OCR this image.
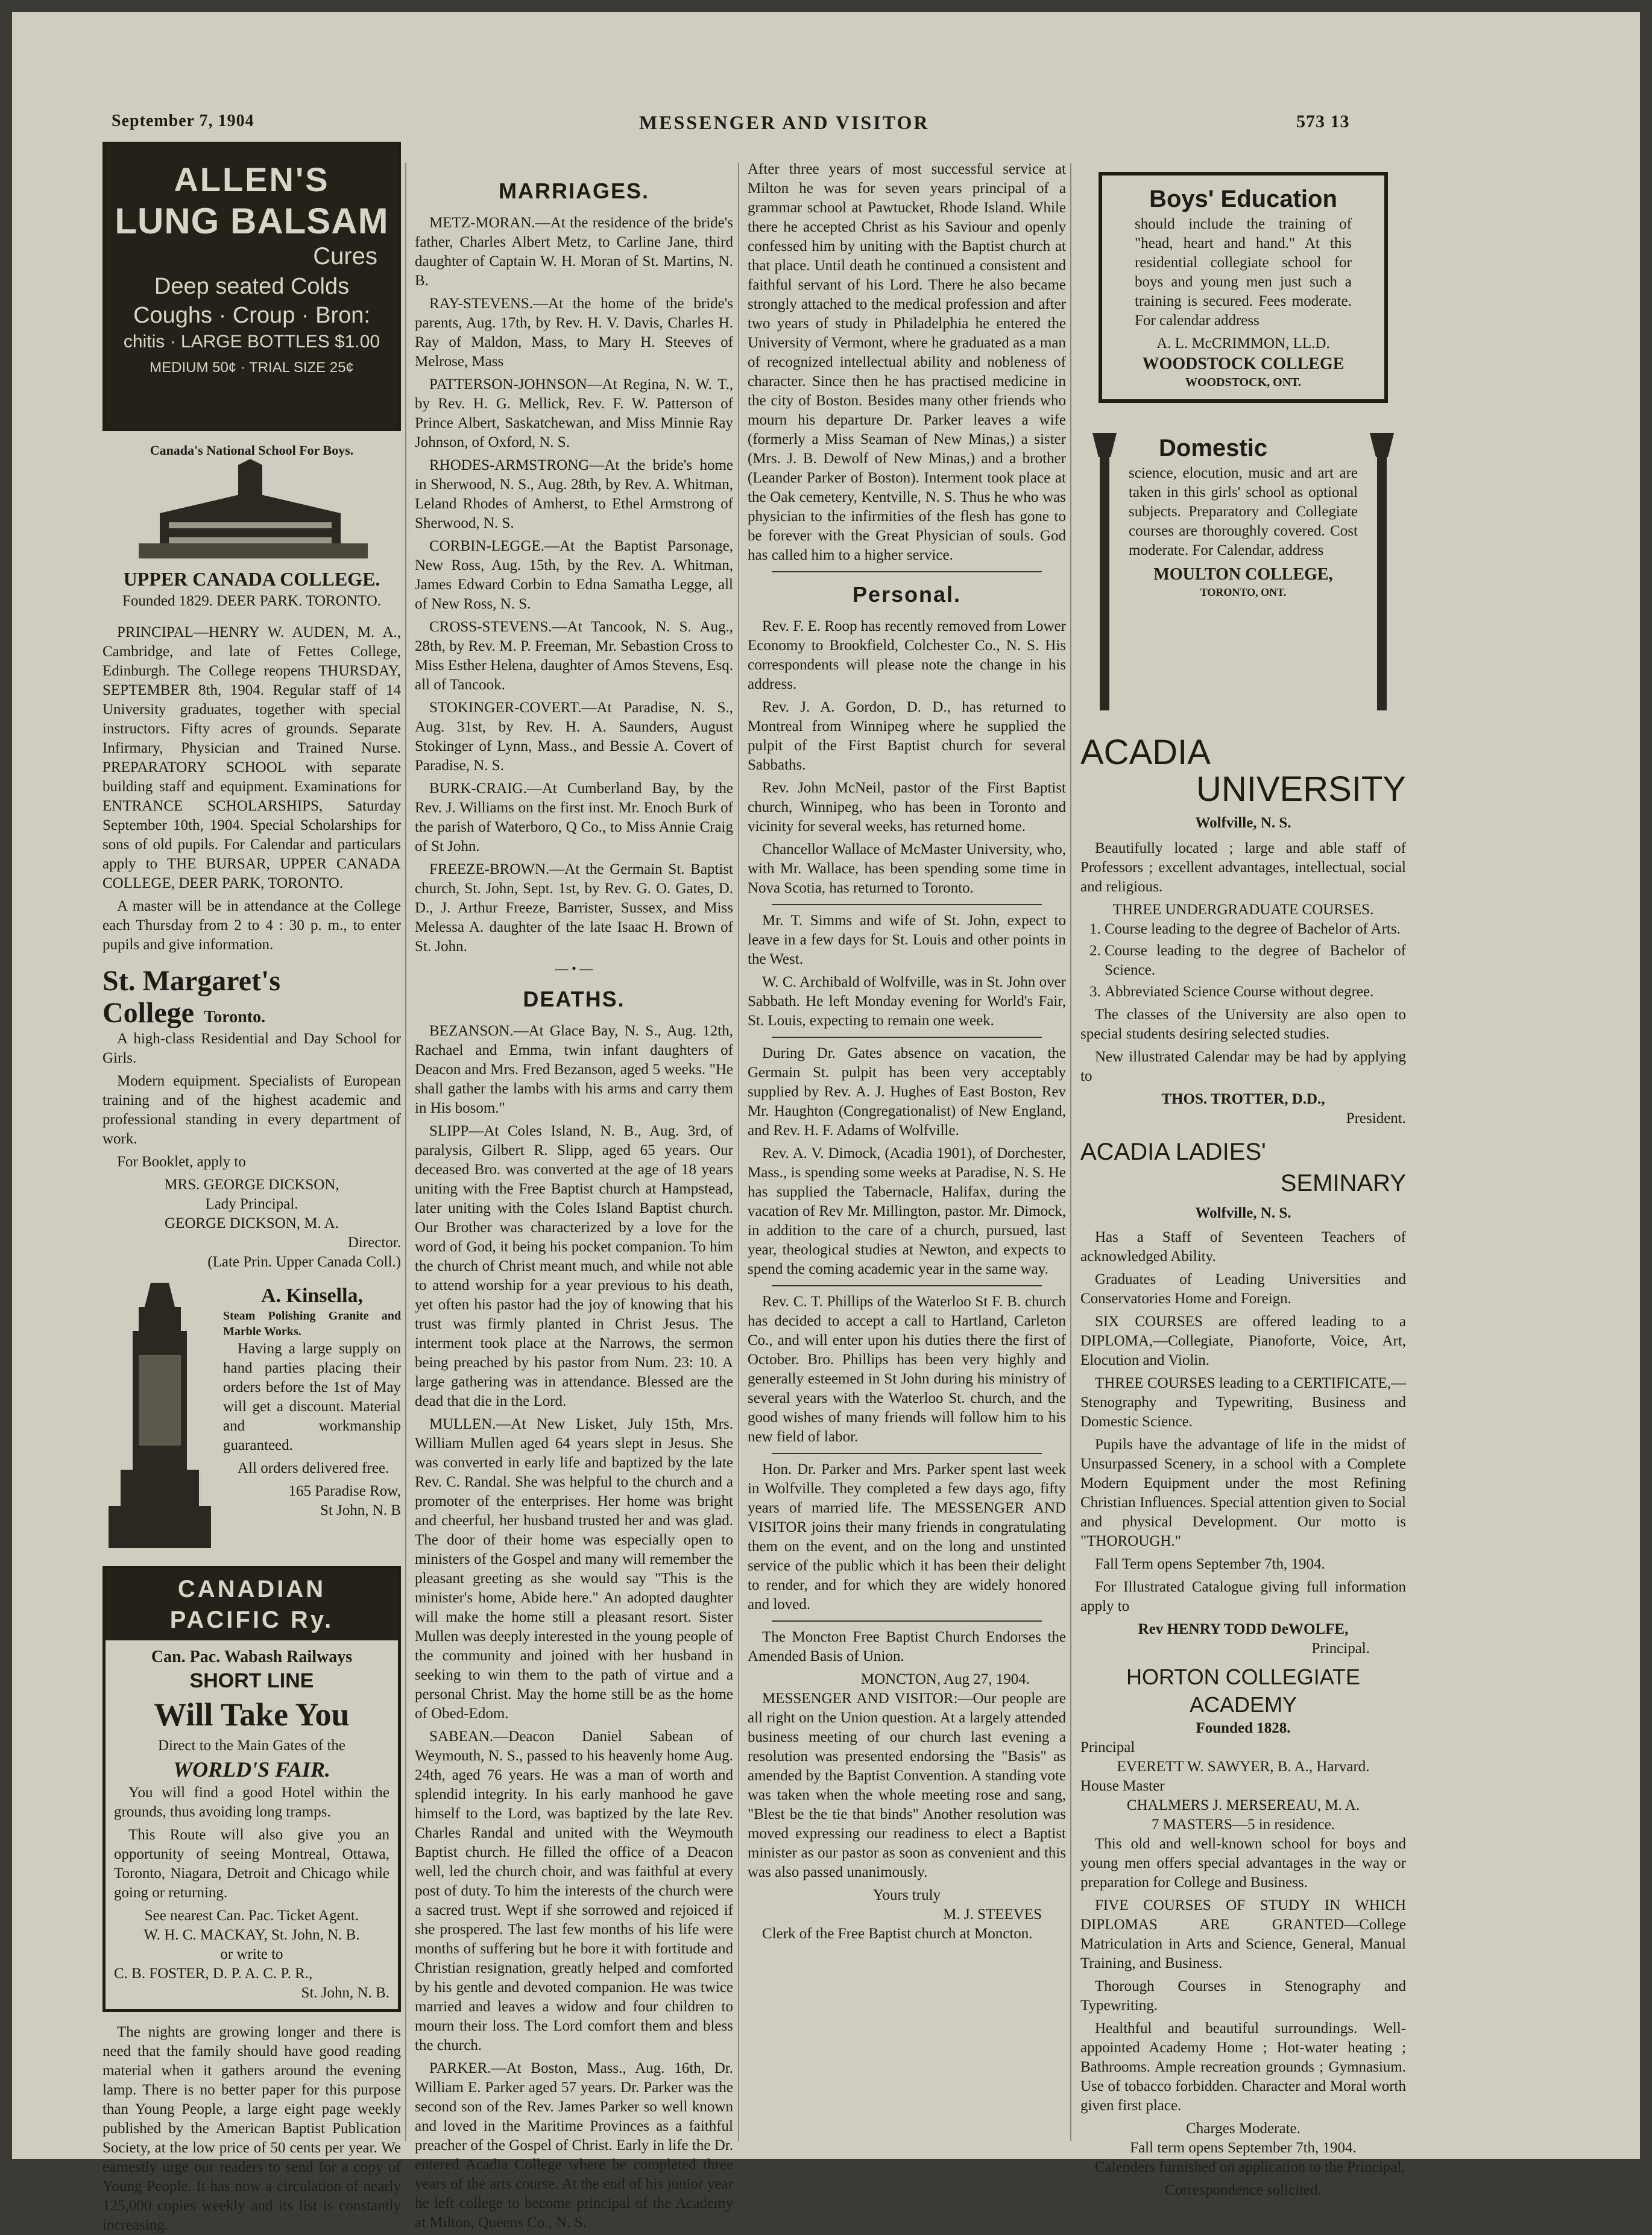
September 7, 1904	MESSENGER AND VISITOR	573 13
ALLEN'S
LUNG BALSAM
Cures
Deep seated Colds
Coughs · Croup · Bron:
chitis · LARGE BOTTLES $1.00
MEDIUM 50¢ · TRIAL SIZE 25¢
Canada's National School For Boys.
UPPER CANADA COLLEGE.
Founded 1829. DEER PARK. TORONTO.

PRINCIPAL—HENRY W. AUDEN, M. A., Cambridge, and late of Fettes College, Edinburgh. The College reopens THURSDAY, SEPTEMBER 8th, 1904. Regular staff of 14 University graduates, together with special instructors. Fifty acres of grounds. Separate Infirmary, Physician and Trained Nurse. PREPARATORY SCHOOL with separate building staff and equipment. Examinations for ENTRANCE SCHOLARSHIPS, Saturday September 10th, 1904. Special Scholarships for sons of old pupils. For Calendar and particulars apply to THE BURSAR, UPPER CANADA COLLEGE, DEER PARK, TORONTO.

A master will be in attendance at the College each Thursday from 2 to 4 : 30 p. m., to enter pupils and give information.

St. Margaret's
College Toronto.

A high-class Residential and Day School for Girls.

Modern equipment. Specialists of European training and of the highest academic and professional standing in every department of work.

For Booklet, apply to

MRS. GEORGE DICKSON,
Lady Principal.
GEORGE DICKSON, M. A.
Director.
(Late Prin. Upper Canada Coll.)
A. Kinsella,
Steam Polishing Granite and Marble Works.

Having a large supply on hand parties placing their orders before the 1st of May will get a discount. Material and workmanship guaranteed.

All orders delivered free.

165 Paradise Row,
St John, N. B
CANADIAN
PACIFIC Ry.
Can. Pac. Wabash Railways
SHORT LINE
Will Take You
Direct to the Main Gates of the
WORLD'S FAIR.

You will find a good Hotel within the grounds, thus avoiding long tramps.

This Route will also give you an opportunity of seeing Montreal, Ottawa, Toronto, Niagara, Detroit and Chicago while going or returning.

See nearest Can. Pac. Ticket Agent.
W. H. C. MACKAY, St. John, N. B.
or write to
C. B. FOSTER, D. P. A. C. P. R.,
St. John, N. B.

The nights are growing longer and there is need that the family should have good reading material when it gathers around the evening lamp. There is no better paper for this purpose than Young People, a large eight page weekly published by the American Baptist Publication Society, at the low price of 50 cents per year. We earnestly urge our readers to send for a copy of Young People. It has now a circulation of nearly 125,000 copies weekly and its list is constantly increasing.

MARRIAGES.

METZ-MORAN.—At the residence of the bride's father, Charles Albert Metz, to Carline Jane, third daughter of Captain W. H. Moran of St. Martins, N. B.

RAY-STEVENS.—At the home of the bride's parents, Aug. 17th, by Rev. H. V. Davis, Charles H. Ray of Maldon, Mass, to Mary H. Steeves of Melrose, Mass

PATTERSON-JOHNSON—At Regina, N. W. T., by Rev. H. G. Mellick, Rev. F. W. Patterson of Prince Albert, Saskatchewan, and Miss Minnie Ray Johnson, of Oxford, N. S.

RHODES-ARMSTRONG—At the bride's home in Sherwood, N. S., Aug. 28th, by Rev. A. Whitman, Leland Rhodes of Amherst, to Ethel Armstrong of Sherwood, N. S.

CORBIN-LEGGE.—At the Baptist Parsonage, New Ross, Aug. 15th, by the Rev. A. Whitman, James Edward Corbin to Edna Samatha Legge, all of New Ross, N. S.

CROSS-STEVENS.—At Tancook, N. S. Aug., 28th, by Rev. M. P. Freeman, Mr. Sebastion Cross to Miss Esther Helena, daughter of Amos Stevens, Esq. all of Tancook.

STOKINGER-COVERT.—At Paradise, N. S., Aug. 31st, by Rev. H. A. Saunders, August Stokinger of Lynn, Mass., and Bessie A. Covert of Paradise, N. S.

BURK-CRAIG.—At Cumberland Bay, by the Rev. J. Williams on the first inst. Mr. Enoch Burk of the parish of Waterboro, Q Co., to Miss Annie Craig of St John.

FREEZE-BROWN.—At the Germain St. Baptist church, St. John, Sept. 1st, by Rev. G. O. Gates, D. D., J. Arthur Freeze, Barrister, Sussex, and Miss Melessa A. daughter of the late Isaac H. Brown of St. John.

— • —
DEATHS.

BEZANSON.—At Glace Bay, N. S., Aug. 12th, Rachael and Emma, twin infant daughters of Deacon and Mrs. Fred Bezanson, aged 5 weeks. "He shall gather the lambs with his arms and carry them in His bosom."

SLIPP—At Coles Island, N. B., Aug. 3rd, of paralysis, Gilbert R. Slipp, aged 65 years. Our deceased Bro. was converted at the age of 18 years uniting with the Free Baptist church at Hampstead, later uniting with the Coles Island Baptist church. Our Brother was characterized by a love for the word of God, it being his pocket companion. To him the church of Christ meant much, and while not able to attend worship for a year previous to his death, yet often his pastor had the joy of knowing that his trust was firmly planted in Christ Jesus. The interment took place at the Narrows, the sermon being preached by his pastor from Num. 23: 10. A large gathering was in attendance. Blessed are the dead that die in the Lord.

MULLEN.—At New Lisket, July 15th, Mrs. William Mullen aged 64 years slept in Jesus. She was converted in early life and baptized by the late Rev. C. Randal. She was helpful to the church and a promoter of the enterprises. Her home was bright and cheerful, her husband trusted her and was glad. The door of their home was especially open to ministers of the Gospel and many will remember the pleasant greeting as she would say "This is the minister's home, Abide here." An adopted daughter will make the home still a pleasant resort. Sister Mullen was deeply interested in the young people of the community and joined with her husband in seeking to win them to the path of virtue and a personal Christ. May the home still be as the home of Obed-Edom.

SABEAN.—Deacon Daniel Sabean of Weymouth, N. S., passed to his heavenly home Aug. 24th, aged 76 years. He was a man of worth and splendid integrity. In his early manhood he gave himself to the Lord, was baptized by the late Rev. Charles Randal and united with the Weymouth Baptist church. He filled the office of a Deacon well, led the church choir, and was faithful at every post of duty. To him the interests of the church were a sacred trust. Wept if she sorrowed and rejoiced if she prospered. The last few months of his life were months of suffering but he bore it with fortitude and Christian resignation, greatly helped and comforted by his gentle and devoted companion. He was twice married and leaves a widow and four children to mourn their loss. The Lord comfort them and bless the church.

PARKER.—At Boston, Mass., Aug. 16th, Dr. William E. Parker aged 57 years. Dr. Parker was the second son of the Rev. James Parker so well known and loved in the Maritime Provinces as a faithful preacher of the Gospel of Christ. Early in life the Dr. entered Acadia College where he completed three years of the arts course. At the end of his junior year he left college to become principal of the Academy at Milton, Queens Co., N. S.

After three years of most successful service at Milton he was for seven years principal of a grammar school at Pawtucket, Rhode Island. While there he accepted Christ as his Saviour and openly confessed him by uniting with the Baptist church at that place. Until death he continued a consistent and faithful servant of his Lord. There he also became strongly attached to the medical profession and after two years of study in Philadelphia he entered the University of Vermont, where he graduated as a man of recognized intellectual ability and nobleness of character. Since then he has practised medicine in the city of Boston. Besides many other friends who mourn his departure Dr. Parker leaves a wife (formerly a Miss Seaman of New Minas,) a sister (Mrs. J. B. Dewolf of New Minas,) and a brother (Leander Parker of Boston). Interment took place at the Oak cemetery, Kentville, N. S. Thus he who was physician to the infirmities of the flesh has gone to be forever with the Great Physician of souls. God has called him to a higher service.

Personal.

Rev. F. E. Roop has recently removed from Lower Economy to Brookfield, Colchester Co., N. S. His correspondents will please note the change in his address.

Rev. J. A. Gordon, D. D., has returned to Montreal from Winnipeg where he supplied the pulpit of the First Baptist church for several Sabbaths.

Rev. John McNeil, pastor of the First Baptist church, Winnipeg, who has been in Toronto and vicinity for several weeks, has returned home.

Chancellor Wallace of McMaster University, who, with Mr. Wallace, has been spending some time in Nova Scotia, has returned to Toronto.

Mr. T. Simms and wife of St. John, expect to leave in a few days for St. Louis and other points in the West.

W. C. Archibald of Wolfville, was in St. John over Sabbath. He left Monday evening for World's Fair, St. Louis, expecting to remain one week.

During Dr. Gates absence on vacation, the Germain St. pulpit has been very acceptably supplied by Rev. A. J. Hughes of East Boston, Rev Mr. Haughton (Congregationalist) of New England, and Rev. H. F. Adams of Wolfville.

Rev. A. V. Dimock, (Acadia 1901), of Dorchester, Mass., is spending some weeks at Paradise, N. S. He has supplied the Tabernacle, Halifax, during the vacation of Rev Mr. Millington, pastor. Mr. Dimock, in addition to the care of a church, pursued, last year, theological studies at Newton, and expects to spend the coming academic year in the same way.

Rev. C. T. Phillips of the Waterloo St F. B. church has decided to accept a call to Hartland, Carleton Co., and will enter upon his duties there the first of October. Bro. Phillips has been very highly and generally esteemed in St John during his ministry of several years with the Waterloo St. church, and the good wishes of many friends will follow him to his new field of labor.

Hon. Dr. Parker and Mrs. Parker spent last week in Wolfville. They completed a few days ago, fifty years of married life. The MESSENGER AND VISITOR joins their many friends in congratulating them on the event, and on the long and unstinted service of the public which it has been their delight to render, and for which they are widely honored and loved.

The Moncton Free Baptist Church Endorses the Amended Basis of Union.

MONCTON, Aug 27, 1904.

MESSENGER AND VISITOR:—Our people are all right on the Union question. At a largely attended business meeting of our church last evening a resolution was presented endorsing the "Basis" as amended by the Baptist Convention. A standing vote was taken when the whole meeting rose and sang, "Blest be the tie that binds" Another resolution was moved expressing our readiness to elect a Baptist minister as our pastor as soon as convenient and this was also passed unanimously.

Yours truly
M. J. STEEVES

Clerk of the Free Baptist church at Moncton.

Boys' Education

should include the training of "head, heart and hand." At this residential collegiate school for boys and young men just such a training is secured. Fees moderate. For calendar address

A. L. McCRIMMON, LL.D.
WOODSTOCK COLLEGE
WOODSTOCK, ONT.
Domestic

science, elocution, music and art are taken in this girls' school as optional subjects. Preparatory and Collegiate courses are thoroughly covered. Cost moderate. For Calendar, address

MOULTON COLLEGE,
TORONTO, ONT.
ACADIA
UNIVERSITY
Wolfville, N. S.

Beautifully located ; large and able staff of Professors ; excellent advantages, intellectual, social and religious.

THREE UNDERGRADUATE COURSES.
1. Course leading to the degree of Bachelor of Arts.
2. Course leading to the degree of Bachelor of Science.
3. Abbreviated Science Course without degree.

The classes of the University are also open to special students desiring selected studies.

New illustrated Calendar may be had by applying to

THOS. TROTTER, D.D.,
President.
ACADIA LADIES'
SEMINARY
Wolfville, N. S.

Has a Staff of Seventeen Teachers of acknowledged Ability.

Graduates of Leading Universities and Conservatories Home and Foreign.

SIX COURSES are offered leading to a DIPLOMA,—Collegiate, Pianoforte, Voice, Art, Elocution and Violin.

THREE COURSES leading to a CERTIFICATE,—Stenography and Typewriting, Business and Domestic Science.

Pupils have the advantage of life in the midst of Unsurpassed Scenery, in a school with a Complete Modern Equipment under the most Refining Christian Influences. Special attention given to Social and physical Development. Our motto is "THOROUGH."

Fall Term opens September 7th, 1904.

For Illustrated Catalogue giving full information apply to

Rev HENRY TODD DeWOLFE,
Principal.
HORTON COLLEGIATE
ACADEMY
Founded 1828.
Principal
EVERETT W. SAWYER, B. A., Harvard.
House Master
CHALMERS J. MERSEREAU, M. A.
7 MASTERS—5 in residence.

This old and well-known school for boys and young men offers special advantages in the way or preparation for College and Business.

FIVE COURSES OF STUDY IN WHICH DIPLOMAS ARE GRANTED—College Matriculation in Arts and Science, General, Manual Training, and Business.

Thorough Courses in Stenography and Typewriting.

Healthful and beautiful surroundings. Well-appointed Academy Home ; Hot-water heating ; Bathrooms. Ample recreation grounds ; Gymnasium. Use of tobacco forbidden. Character and Moral worth given first place.

Charges Moderate.
Fall term opens September 7th, 1904.

Calenders furnished on application to the Principal.

Correspondence solicited.
